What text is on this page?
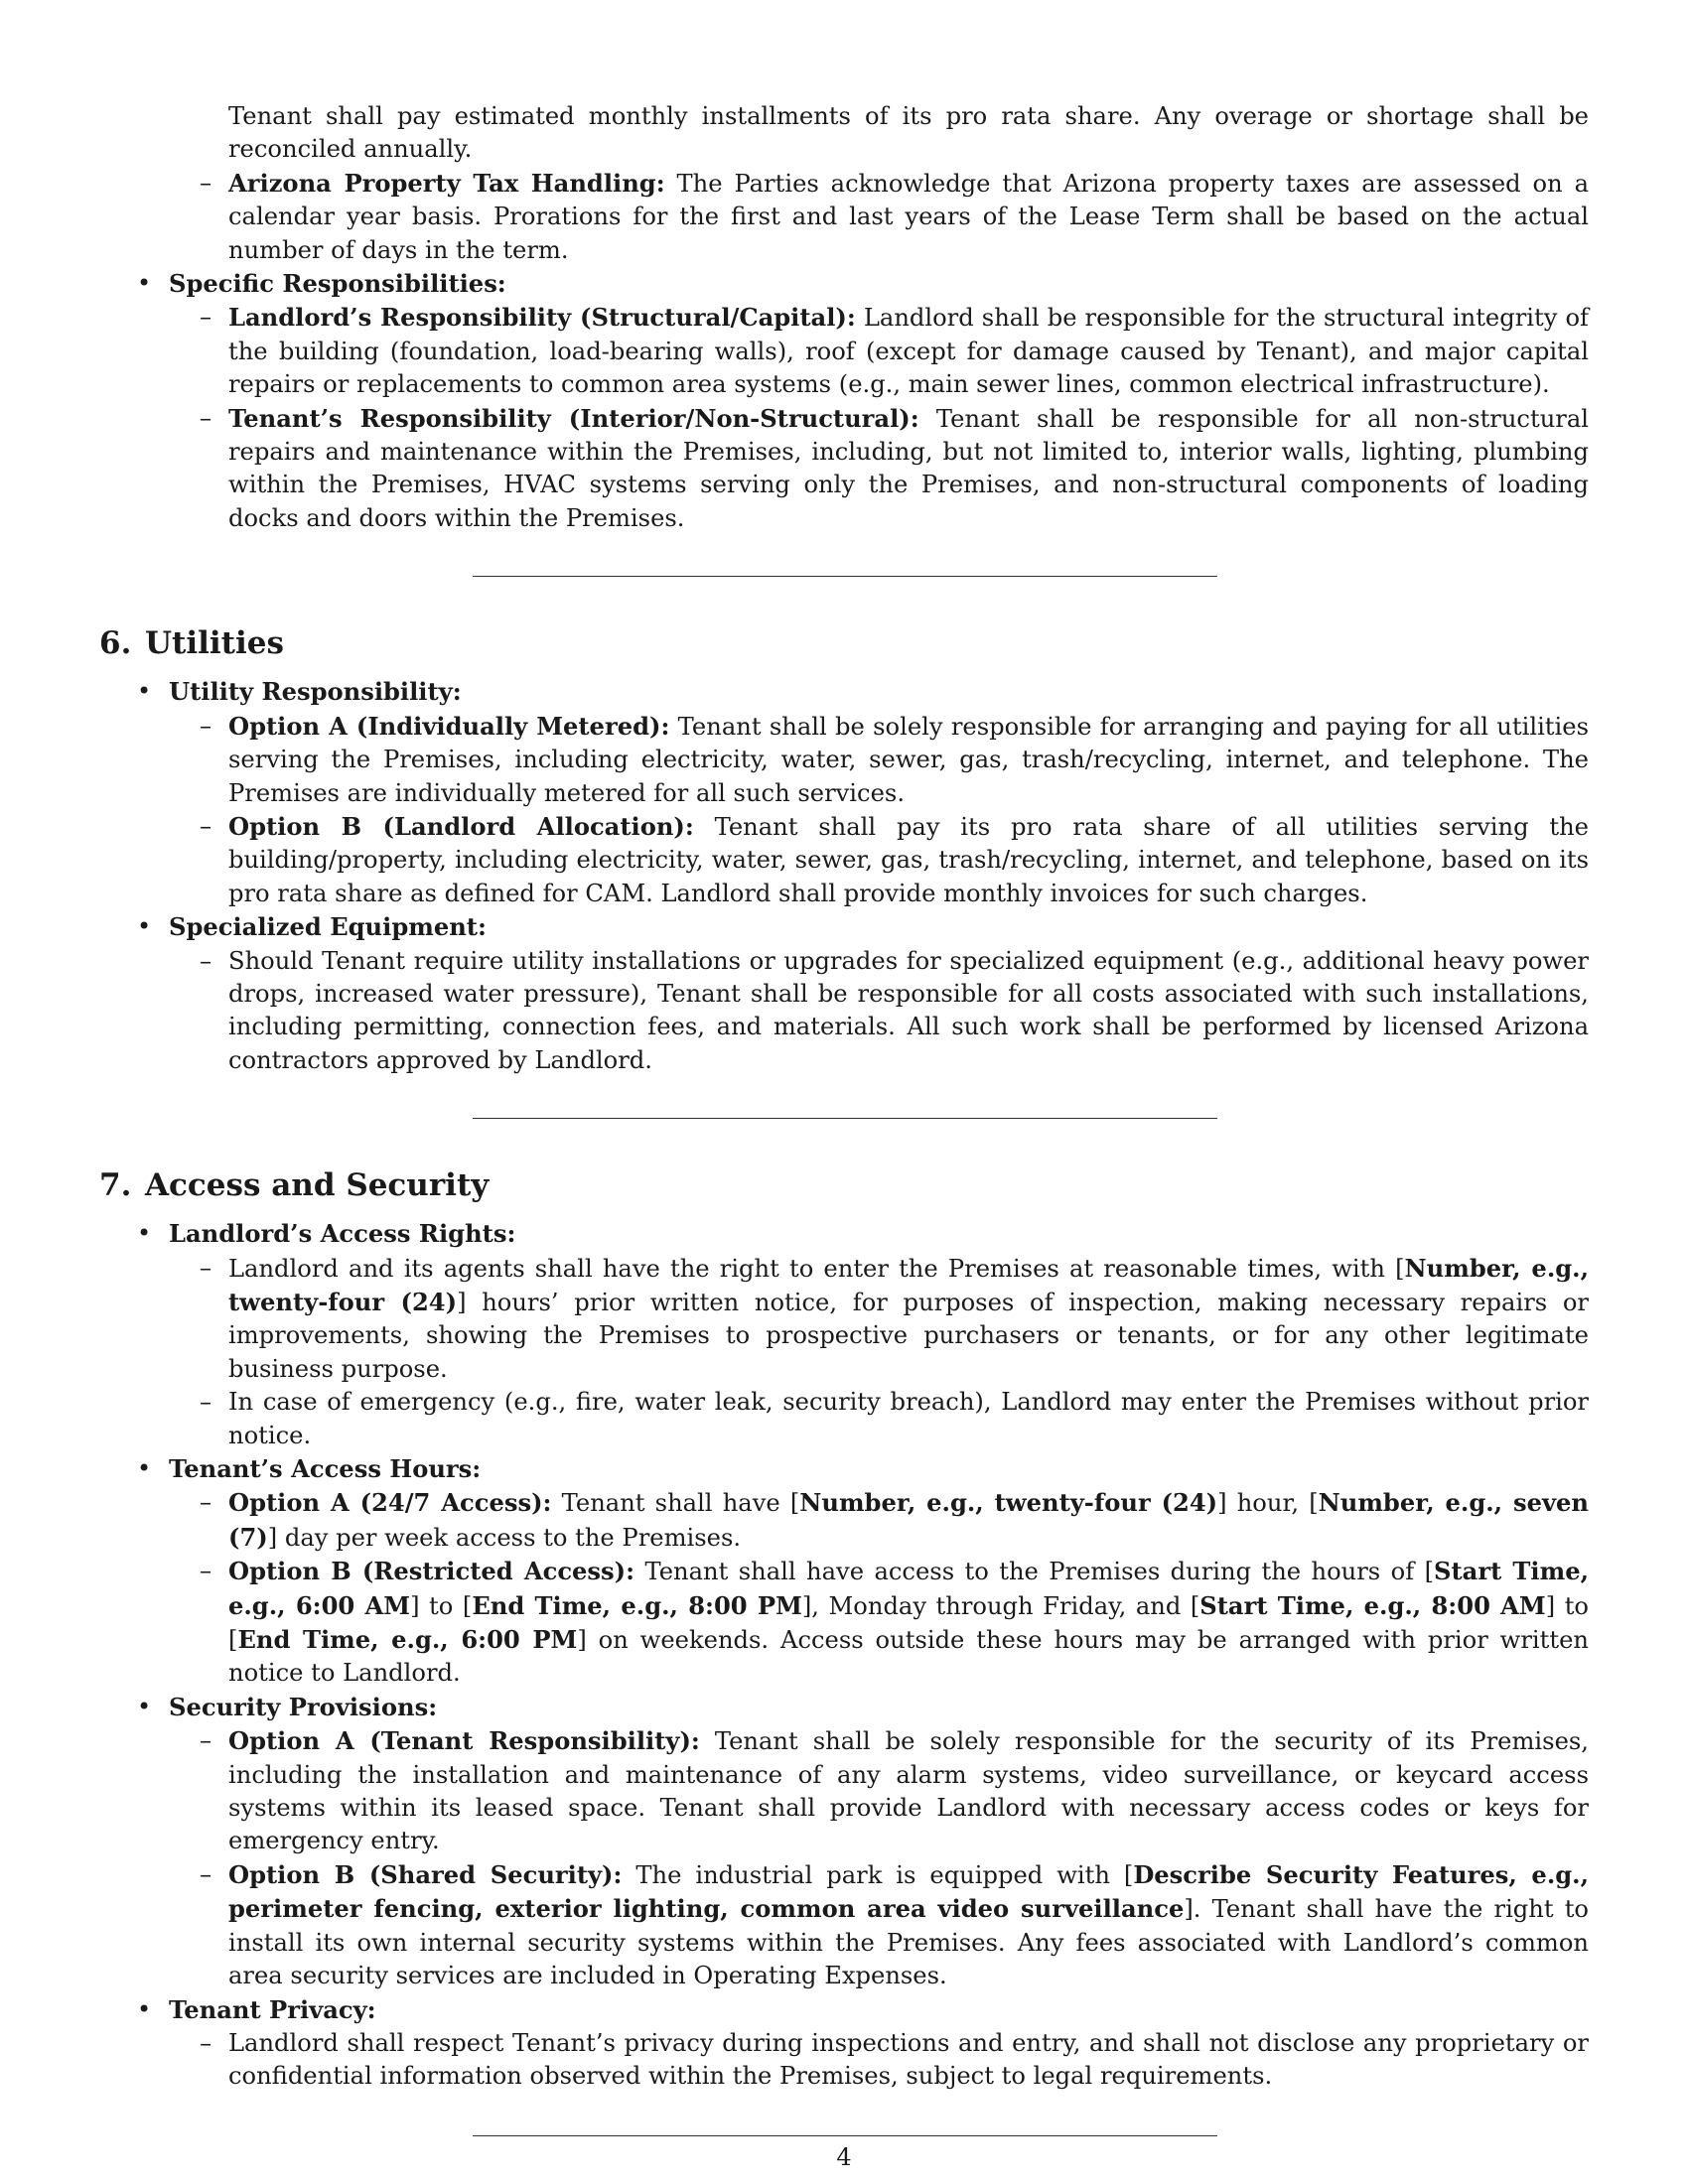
Tenant shall pay estimated monthly installments of its pro rata share. Any overage or shortage shall be reconciled annually.
– Arizona Property Tax Handling: The Parties acknowledge that Arizona property taxes are assessed on a calendar year basis. Prorations for the first and last years of the Lease Term shall be based on the actual number of days in the term.
• Specific Responsibilities:
– Landlord’s Responsibility (Structural/Capital): Landlord shall be responsible for the structural integrity of the building (foundation, load-bearing walls), roof (except for damage caused by Tenant), and major capital repairs or replacements to common area systems (e.g., main sewer lines, common electrical infrastructure).
– Tenant’s Responsibility (Interior/Non-Structural): Tenant shall be responsible for all non-structural repairs and maintenance within the Premises, including, but not limited to, interior walls, lighting, plumbing within the Premises, HVAC systems serving only the Premises, and non-structural components of loading docks and doors within the Premises.
6. Utilities
• Utility Responsibility:
– Option A (Individually Metered): Tenant shall be solely responsible for arranging and paying for all utilities serving the Premises, including electricity, water, sewer, gas, trash/recycling, internet, and telephone. The Premises are individually metered for all such services.
– Option B (Landlord Allocation): Tenant shall pay its pro rata share of all utilities serving the building/property, including electricity, water, sewer, gas, trash/recycling, internet, and telephone, based on its pro rata share as defined for CAM. Landlord shall provide monthly invoices for such charges.
• Specialized Equipment:
– Should Tenant require utility installations or upgrades for specialized equipment (e.g., additional heavy power drops, increased water pressure), Tenant shall be responsible for all costs associated with such installations, including permitting, connection fees, and materials. All such work shall be performed by licensed Arizona contractors approved by Landlord.
7. Access and Security
• Landlord’s Access Rights:
– Landlord and its agents shall have the right to enter the Premises at reasonable times, with [Number, e.g., twenty-four (24)] hours’ prior written notice, for purposes of inspection, making necessary repairs or improvements, showing the Premises to prospective purchasers or tenants, or for any other legitimate business purpose.
– In case of emergency (e.g., fire, water leak, security breach), Landlord may enter the Premises without prior notice.
• Tenant’s Access Hours:
– Option A (24/7 Access): Tenant shall have [Number, e.g., twenty-four (24)] hour, [Number, e.g., seven (7)] day per week access to the Premises.
– Option B (Restricted Access): Tenant shall have access to the Premises during the hours of [Start Time, e.g., 6:00 AM] to [End Time, e.g., 8:00 PM], Monday through Friday, and [Start Time, e.g., 8:00 AM] to [End Time, e.g., 6:00 PM] on weekends. Access outside these hours may be arranged with prior written notice to Landlord.
• Security Provisions:
– Option A (Tenant Responsibility): Tenant shall be solely responsible for the security of its Premises, including the installation and maintenance of any alarm systems, video surveillance, or keycard access systems within its leased space. Tenant shall provide Landlord with necessary access codes or keys for emergency entry.
– Option B (Shared Security): The industrial park is equipped with [Describe Security Features, e.g., perimeter fencing, exterior lighting, common area video surveillance]. Tenant shall have the right to install its own internal security systems within the Premises. Any fees associated with Landlord’s common area security services are included in Operating Expenses.
• Tenant Privacy:
– Landlord shall respect Tenant’s privacy during inspections and entry, and shall not disclose any proprietary or confidential information observed within the Premises, subject to legal requirements.
4
